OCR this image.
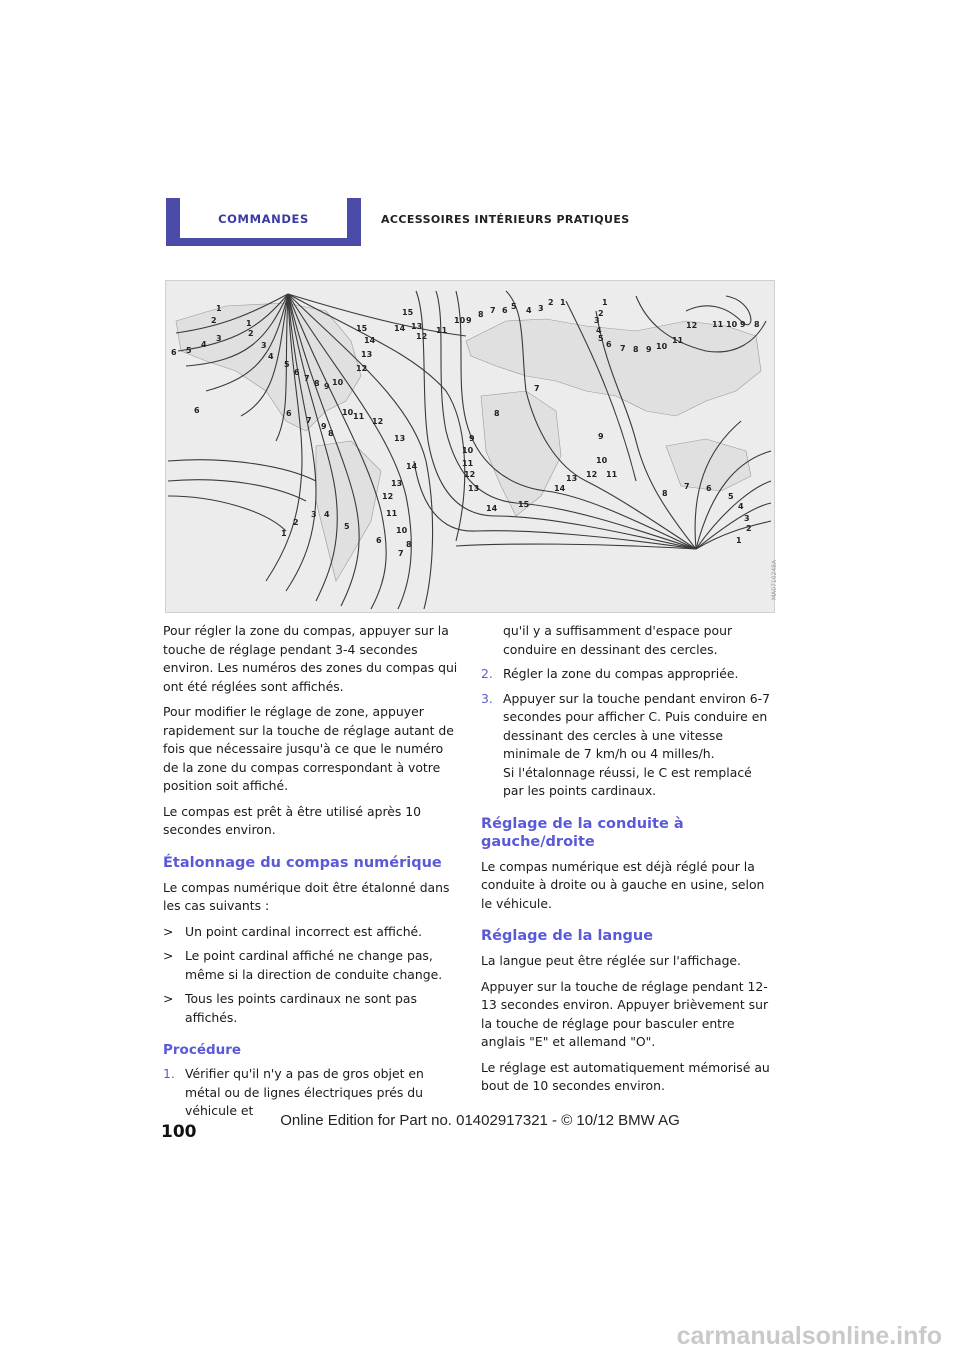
COMMANDES	ACCESSOIRES INTÉRIEURS PRATIQUES
1
2
3
4
5
6
1
2
3
4
5
6
7
8 9 10
6	6
7
9
8
10 11
12
13
14
13
12
11
10
8
7
6
5
4
3
2
1
15
14
13
12
15
14 13
12
11
10 9
8 7 6 5 4 3
2 1	1
2
3
4
5
6 7 8 9 10
11
12 11 10 9 8
7
8
9
10
11
12
13
14
15
14
13
12
11
10
9
8
7 6
5
4
3
2
1
MA0710248A

Pour régler la zone du compas, appuyer sur la touche de réglage pendant 3-4 secondes environ. Les numéros des zones du compas qui ont été réglées sont affichés.

Pour modifier le réglage de zone, appuyer rapidement sur la touche de réglage autant de fois que nécessaire jusqu'à ce que le numéro de la zone du compas correspondant à votre position soit affiché.

Le compas est prêt à être utilisé après 10 secondes environ.

Étalonnage du compas numérique

Le compas numérique doit être étalonné dans les cas suivants :

> Un point cardinal incorrect est affiché.
> Le point cardinal affiché ne change pas, même si la direction de conduite change.
> Tous les points cardinaux ne sont pas affichés.
Procédure
1. Vérifier qu'il n'y a pas de gros objet en métal ou de lignes électriques prés du véhicule et
qu'il y a suffisamment d'espace pour conduire en dessinant des cercles.
2. Régler la zone du compas appropriée.
3. Appuyer sur la touche pendant environ 6-7 secondes pour afficher C. Puis conduire en dessinant des cercles à une vitesse minimale de 7 km/h ou 4 milles/h.
Si l'étalonnage réussi, le C est remplacé par les points cardinaux.
Réglage de la conduite à gauche/droite

Le compas numérique est déjà réglé pour la conduite à droite ou à gauche en usine, selon le véhicule.

Réglage de la langue

La langue peut être réglée sur l'affichage.

Appuyer sur la touche de réglage pendant 12-13 secondes environ. Appuyer brièvement sur la touche de réglage pour basculer entre anglais "E" et allemand "O".

Le réglage est automatiquement mémorisé au bout de 10 secondes environ.

100
Online Edition for Part no. 01402917321 - © 10/12 BMW AG
carmanualsonline.info
